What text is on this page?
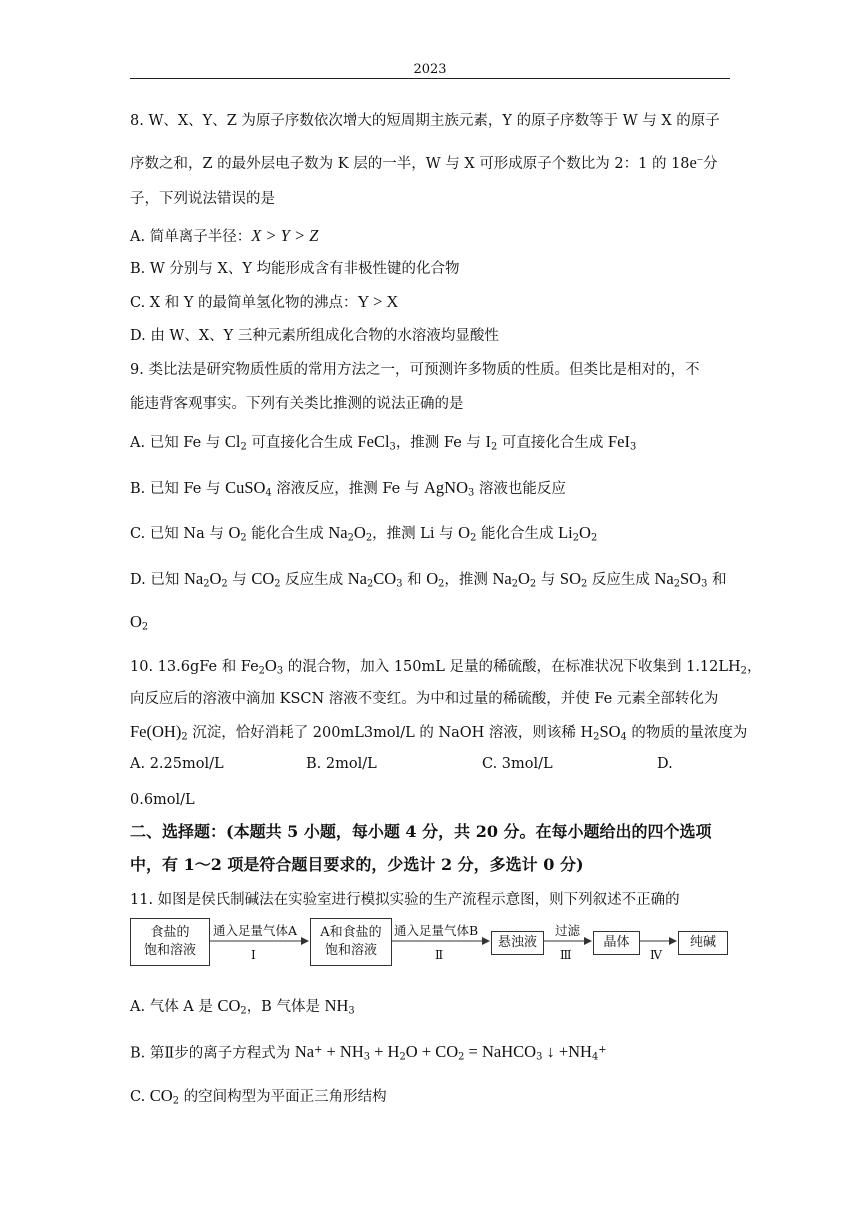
2023
8. W、X、Y、Z 为原子序数依次增大的短周期主族元素，Y 的原子序数等于 W 与 X 的原子
序数之和，Z 的最外层电子数为 K 层的一半，W 与 X 可形成原子个数比为 2：1 的 18e−分
子，下列说法错误的是
A. 简单离子半径：X > Y > Z
B. W 分别与 X、Y 均能形成含有非极性键的化合物
C. X 和 Y 的最简单氢化物的沸点：Y > X
D. 由 W、X、Y 三种元素所组成化合物的水溶液均显酸性
9. 类比法是研究物质性质的常用方法之一，可预测许多物质的性质。但类比是相对的，不
能违背客观事实。下列有关类比推测的说法正确的是
A. 已知 Fe 与 $Cl_2$ 可直接化合生成 FeCl$_3$，推测 Fe 与 $I_2$ 可直接化合生成 FeI$_3$
B. 已知 Fe 与 CuSO$_4$ 溶液反应，推测 Fe 与 AgNO$_3$ 溶液也能反应
C. 已知 Na 与 $O_2$ 能化合生成 $Na_2O_2$，推测 Li 与 $O_2$ 能化合生成 $Li_2O_2$
D. 已知 $Na_2O_2$ 与 $CO_2$ 反应生成 $Na_2CO_3$ 和 $O_2$，推测 $Na_2O_2$ 与 $SO_2$ 反应生成 $Na_2SO_3$ 和
$O_2$
10. 13.6gFe 和 $Fe_2O_3$ 的混合物，加入 150mL 足量的稀硫酸，在标准状况下收集到 $1.12LH_2$，
向反应后的溶液中滴加 KSCN 溶液不变红。为中和过量的稀硫酸，并使 Fe 元素全部转化为
$Fe(OH)_2$ 沉淀，恰好消耗了 200mL3mol/L 的 NaOH 溶液，则该稀 $H_2SO_4$ 的物质的量浓度为
A. 2.25mol/L	B. 2mol/L	C. 3mol/L	D.
0.6mol/L
二、选择题：(本题共 5 小题，每小题 4 分，共 20 分。在每小题给出的四个选项
中，有 1～2 项是符合题目要求的，少选计 2 分，多选计 0 分)
11. 如图是侯氏制碱法在实验室进行模拟实验的生产流程示意图，则下列叙述不正确的
食盐的
饱和溶液
通入足量气体A
Ⅰ
A和食盐的
饱和溶液
通入足量气体B
Ⅱ
悬浊液
过滤
Ⅲ
晶体
Ⅳ
纯碱
A. 气体 A 是 $CO_2$，B 气体是 $NH_3$
B. 第Ⅱ步的离子方程式为 $Na^+ + NH_3 + H_2O + CO_2$ = NaHCO$_3$ ↓ $+NH_4^+$
C. $CO_2$ 的空间构型为平面正三角形结构
